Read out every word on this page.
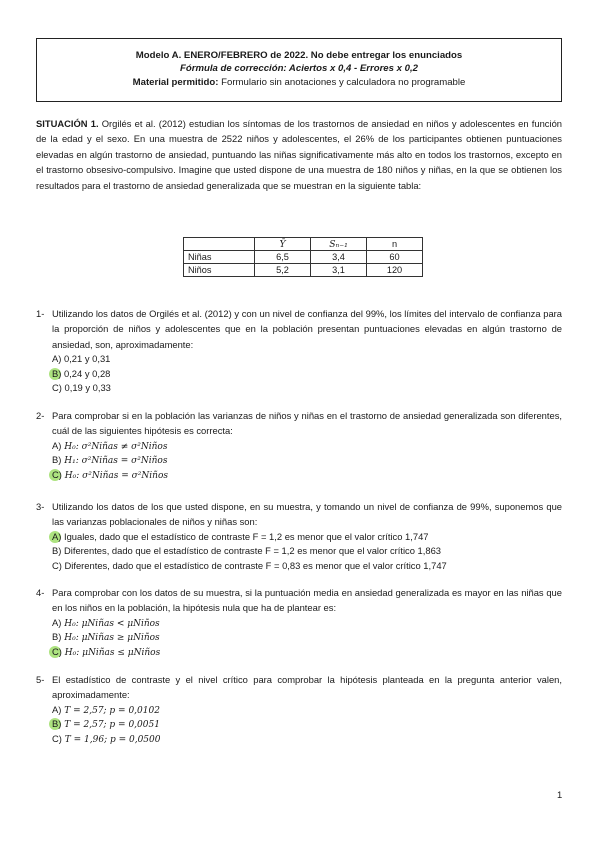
Modelo A. ENERO/FEBRERO de 2022. No debe entregar los enunciados
Fórmula de corrección: Aciertos x 0,4 - Errores x 0,2
Material permitido: Formulario sin anotaciones y calculadora no programable
SITUACIÓN 1. Orgilés et al. (2012) estudian los síntomas de los trastornos de ansiedad en niños y adolescentes en función de la edad y el sexo. En una muestra de 2522 niños y adolescentes, el 26% de los participantes obtienen puntuaciones elevadas en algún trastorno de ansiedad, puntuando las niñas significativamente más alto en todos los trastornos, excepto en el trastorno obsesivo-compulsivo. Imagine que usted dispone de una muestra de 180 niños y niñas, en la que se obtienen los resultados para el trastorno de ansiedad generalizada que se muestran en la siguiente tabla:
	Ȳ	Sₙ₋₁	n
Niñas	6,5	3,4	60
Niños	5,2	3,1	120
1- Utilizando los datos de Orgilés et al. (2012) y con un nivel de confianza del 99%, los límites del intervalo de confianza para la proporción de niños y adolescentes que en la población presentan puntuaciones elevadas en algún trastorno de ansiedad, son, aproximadamente:
A) 0,21 y 0,31
B) 0,24 y 0,28
C) 0,19 y 0,33
2- Para comprobar si en la población las varianzas de niños y niñas en el trastorno de ansiedad generalizada son diferentes, cuál de las siguientes hipótesis es correcta:
A) H₀: σ²Niñas ≠ σ²Niños
B) H₁: σ²Niñas = σ²Niños
C) H₀: σ²Niñas = σ²Niños
3- Utilizando los datos de los que usted dispone, en su muestra, y tomando un nivel de confianza de 99%, suponemos que las varianzas poblacionales de niños y niñas son:
A) Iguales, dado que el estadístico de contraste F = 1,2 es menor que el valor crítico 1,747
B) Diferentes, dado que el estadístico de contraste F = 1,2 es menor que el valor crítico 1,863
C) Diferentes, dado que el estadístico de contraste F = 0,83 es menor que el valor crítico 1,747
4- Para comprobar con los datos de su muestra, si la puntuación media en ansiedad generalizada es mayor en las niñas que en los niños en la población, la hipótesis nula que ha de plantear es:
A) H₀: μNiñas < μNiños
B) H₀: μNiñas ≥ μNiños
C) H₀: μNiñas ≤ μNiños
5- El estadístico de contraste y el nivel crítico para comprobar la hipótesis planteada en la pregunta anterior valen, aproximadamente:
A) T = 2,57; p = 0,0102
B) T = 2,57; p = 0,0051
C) T = 1,96; p = 0,0500
1
